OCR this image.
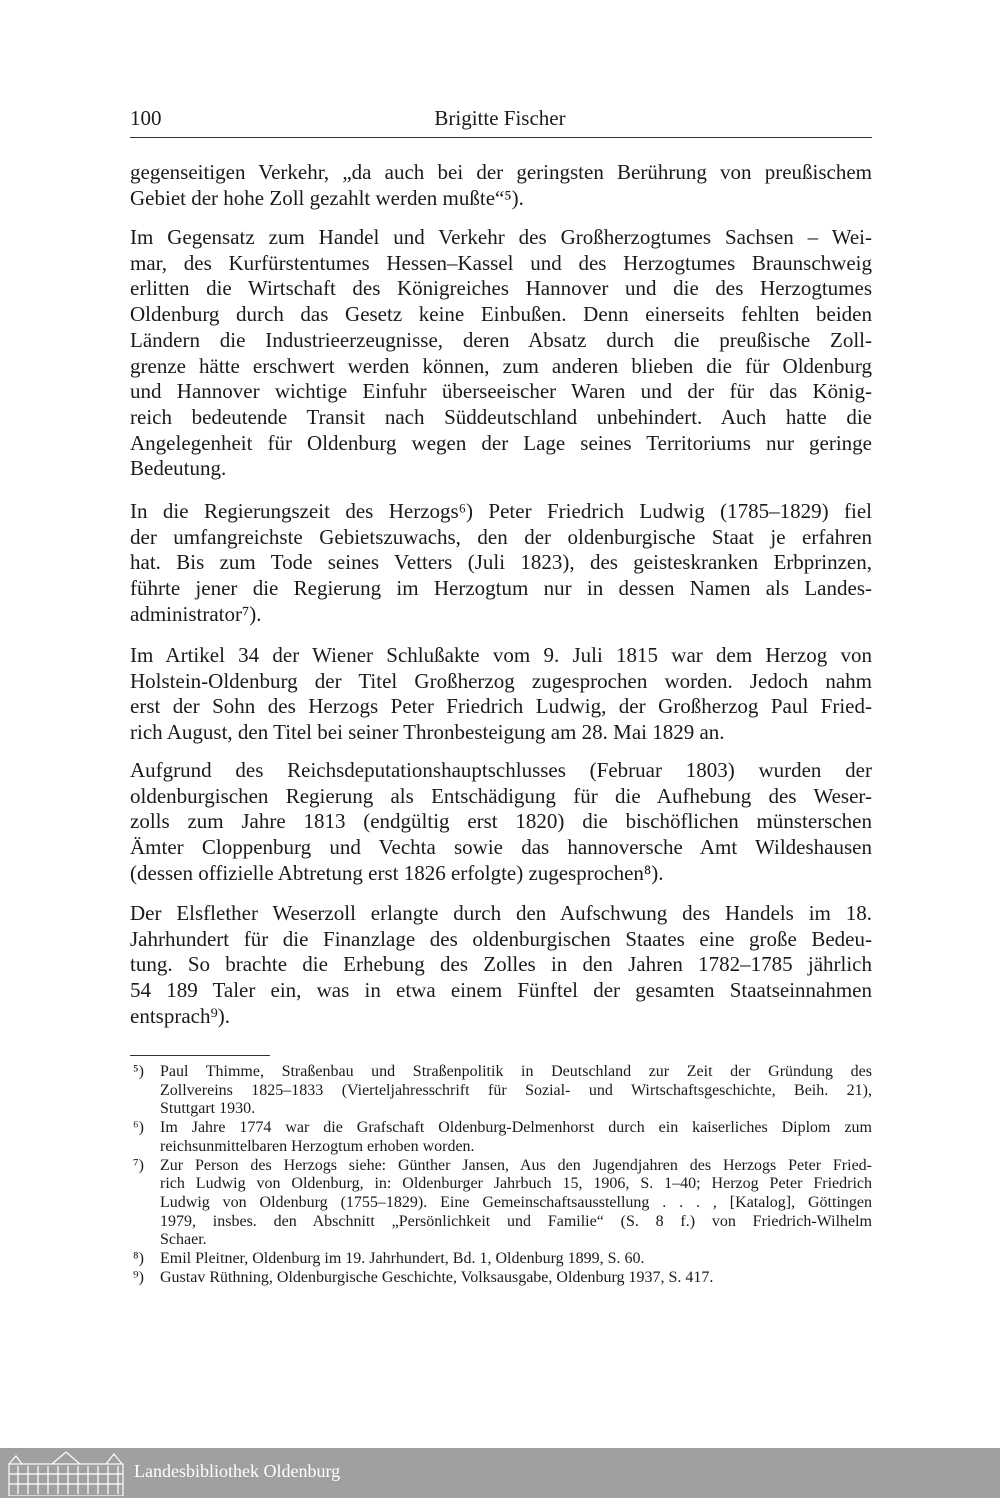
100	Brigitte Fischer
gegenseitigen Verkehr, „da auch bei der geringsten Berührung von preußischem
Gebiet der hohe Zoll gezahlt werden mußte“⁵).
Im Gegensatz zum Handel und Verkehr des Großherzogtumes Sachsen – Wei-
mar, des Kurfürstentumes Hessen–Kassel und des Herzogtumes Braunschweig
erlitten die Wirtschaft des Königreiches Hannover und die des Herzogtumes
Oldenburg durch das Gesetz keine Einbußen. Denn einerseits fehlten beiden
Ländern die Industrieerzeugnisse, deren Absatz durch die preußische Zoll-
grenze hätte erschwert werden können, zum anderen blieben die für Oldenburg
und Hannover wichtige Einfuhr überseeischer Waren und der für das König-
reich bedeutende Transit nach Süddeutschland unbehindert. Auch hatte die
Angelegenheit für Oldenburg wegen der Lage seines Territoriums nur geringe
Bedeutung.
In die Regierungszeit des Herzogs⁶) Peter Friedrich Ludwig (1785–1829) fiel
der umfangreichste Gebietszuwachs, den der oldenburgische Staat je erfahren
hat. Bis zum Tode seines Vetters (Juli 1823), des geisteskranken Erbprinzen,
führte jener die Regierung im Herzogtum nur in dessen Namen als Landes-
administrator⁷).
Im Artikel 34 der Wiener Schlußakte vom 9. Juli 1815 war dem Herzog von
Holstein-Oldenburg der Titel Großherzog zugesprochen worden. Jedoch nahm
erst der Sohn des Herzogs Peter Friedrich Ludwig, der Großherzog Paul Fried-
rich August, den Titel bei seiner Thronbesteigung am 28. Mai 1829 an.
Aufgrund des Reichsdeputationshauptschlusses (Februar 1803) wurden der
oldenburgischen Regierung als Entschädigung für die Aufhebung des Weser-
zolls zum Jahre 1813 (endgültig erst 1820) die bischöflichen münsterschen
Ämter Cloppenburg und Vechta sowie das hannoversche Amt Wildeshausen
(dessen offizielle Abtretung erst 1826 erfolgte) zugesprochen⁸).
Der Elsflether Weserzoll erlangte durch den Aufschwung des Handels im 18.
Jahrhundert für die Finanzlage des oldenburgischen Staates eine große Bedeu-
tung. So brachte die Erhebung des Zolles in den Jahren 1782–1785 jährlich
54 189 Taler ein, was in etwa einem Fünftel der gesamten Staatseinnahmen
entsprach⁹).
⁵) Paul Thimme, Straßenbau und Straßenpolitik in Deutschland zur Zeit der Gründung des
Zollvereins 1825–1833 (Vierteljahresschrift für Sozial- und Wirtschaftsgeschichte, Beih. 21),
Stuttgart 1930.
⁶) Im Jahre 1774 war die Grafschaft Oldenburg-Delmenhorst durch ein kaiserliches Diplom zum
reichsunmittelbaren Herzogtum erhoben worden.
⁷) Zur Person des Herzogs siehe: Günther Jansen, Aus den Jugendjahren des Herzogs Peter Fried-
rich Ludwig von Oldenburg, in: Oldenburger Jahrbuch 15, 1906, S. 1–40; Herzog Peter Friedrich
Ludwig von Oldenburg (1755–1829). Eine Gemeinschaftsausstellung . . . , [Katalog], Göttingen
1979, insbes. den Abschnitt „Persönlichkeit und Familie“ (S. 8 f.) von Friedrich-Wilhelm
Schaer.
⁸) Emil Pleitner, Oldenburg im 19. Jahrhundert, Bd. 1, Oldenburg 1899, S. 60.
⁹) Gustav Rüthning, Oldenburgische Geschichte, Volksausgabe, Oldenburg 1937, S. 417.
Landesbibliothek Oldenburg
